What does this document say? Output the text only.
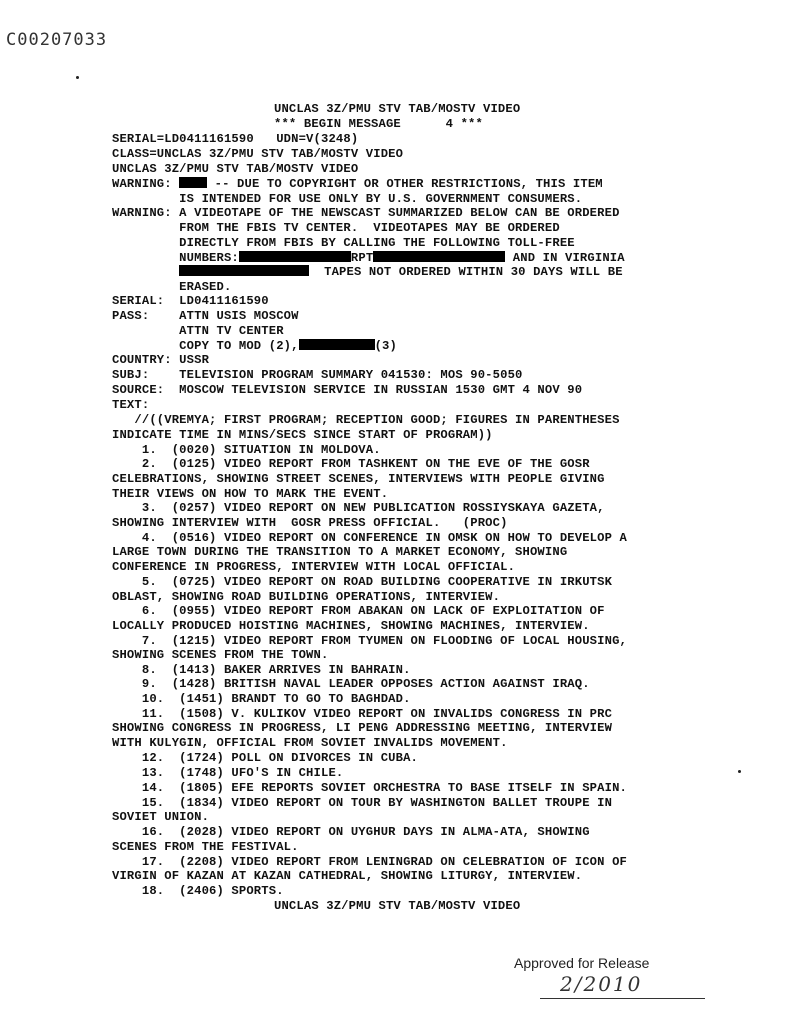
C00207033
UNCLAS 3Z/PMU STV TAB/MOSTV VIDEO
*** BEGIN MESSAGE      4 ***
SERIAL=LD0411161590   UDN=V(3248)
CLASS=UNCLAS 3Z/PMU STV TAB/MOSTV VIDEO
UNCLAS 3Z/PMU STV TAB/MOSTV VIDEO
WARNING:  -- DUE TO COPYRIGHT OR OTHER RESTRICTIONS, THIS ITEM
IS INTENDED FOR USE ONLY BY U.S. GOVERNMENT CONSUMERS.
WARNING: A VIDEOTAPE OF THE NEWSCAST SUMMARIZED BELOW CAN BE ORDERED
FROM THE FBIS TV CENTER.  VIDEOTAPES MAY BE ORDERED
DIRECTLY FROM FBIS BY CALLING THE FOLLOWING TOLL-FREE
NUMBERS:	RPT	AND IN VIRGINIA
TAPES NOT ORDERED WITHIN 30 DAYS WILL BE
ERASED.
SERIAL:  LD0411161590
PASS:    ATTN USIS MOSCOW
ATTN TV CENTER
COPY TO MOD (2),	(3)
COUNTRY: USSR
SUBJ:    TELEVISION PROGRAM SUMMARY 041530: MOS 90-5050
SOURCE:  MOSCOW TELEVISION SERVICE IN RUSSIAN 1530 GMT 4 NOV 90
TEXT:
//((VREMYA; FIRST PROGRAM; RECEPTION GOOD; FIGURES IN PARENTHESES
INDICATE TIME IN MINS/SECS SINCE START OF PROGRAM))
1.  (0020) SITUATION IN MOLDOVA.
2.  (0125) VIDEO REPORT FROM TASHKENT ON THE EVE OF THE GOSR
CELEBRATIONS, SHOWING STREET SCENES, INTERVIEWS WITH PEOPLE GIVING
THEIR VIEWS ON HOW TO MARK THE EVENT.
3.  (0257) VIDEO REPORT ON NEW PUBLICATION ROSSIYSKAYA GAZETA,
SHOWING INTERVIEW WITH  GOSR PRESS OFFICIAL.   (PROC)
4.  (0516) VIDEO REPORT ON CONFERENCE IN OMSK ON HOW TO DEVELOP A
LARGE TOWN DURING THE TRANSITION TO A MARKET ECONOMY, SHOWING
CONFERENCE IN PROGRESS, INTERVIEW WITH LOCAL OFFICIAL.
5.  (0725) VIDEO REPORT ON ROAD BUILDING COOPERATIVE IN IRKUTSK
OBLAST, SHOWING ROAD BUILDING OPERATIONS, INTERVIEW.
6.  (0955) VIDEO REPORT FROM ABAKAN ON LACK OF EXPLOITATION OF
LOCALLY PRODUCED HOISTING MACHINES, SHOWING MACHINES, INTERVIEW.
7.  (1215) VIDEO REPORT FROM TYUMEN ON FLOODING OF LOCAL HOUSING,
SHOWING SCENES FROM THE TOWN.
8.  (1413) BAKER ARRIVES IN BAHRAIN.
9.  (1428) BRITISH NAVAL LEADER OPPOSES ACTION AGAINST IRAQ.
10.  (1451) BRANDT TO GO TO BAGHDAD.
11.  (1508) V. KULIKOV VIDEO REPORT ON INVALIDS CONGRESS IN PRC
SHOWING CONGRESS IN PROGRESS, LI PENG ADDRESSING MEETING, INTERVIEW
WITH KULYGIN, OFFICIAL FROM SOVIET INVALIDS MOVEMENT.
12.  (1724) POLL ON DIVORCES IN CUBA.
13.  (1748) UFO'S IN CHILE.
14.  (1805) EFE REPORTS SOVIET ORCHESTRA TO BASE ITSELF IN SPAIN.
15.  (1834) VIDEO REPORT ON TOUR BY WASHINGTON BALLET TROUPE IN
SOVIET UNION.
16.  (2028) VIDEO REPORT ON UYGHUR DAYS IN ALMA-ATA, SHOWING
SCENES FROM THE FESTIVAL.
17.  (2208) VIDEO REPORT FROM LENINGRAD ON CELEBRATION OF ICON OF
VIRGIN OF KAZAN AT KAZAN CATHEDRAL, SHOWING LITURGY, INTERVIEW.
18.  (2406) SPORTS.
UNCLAS 3Z/PMU STV TAB/MOSTV VIDEO
Approved for Release
2/2010
